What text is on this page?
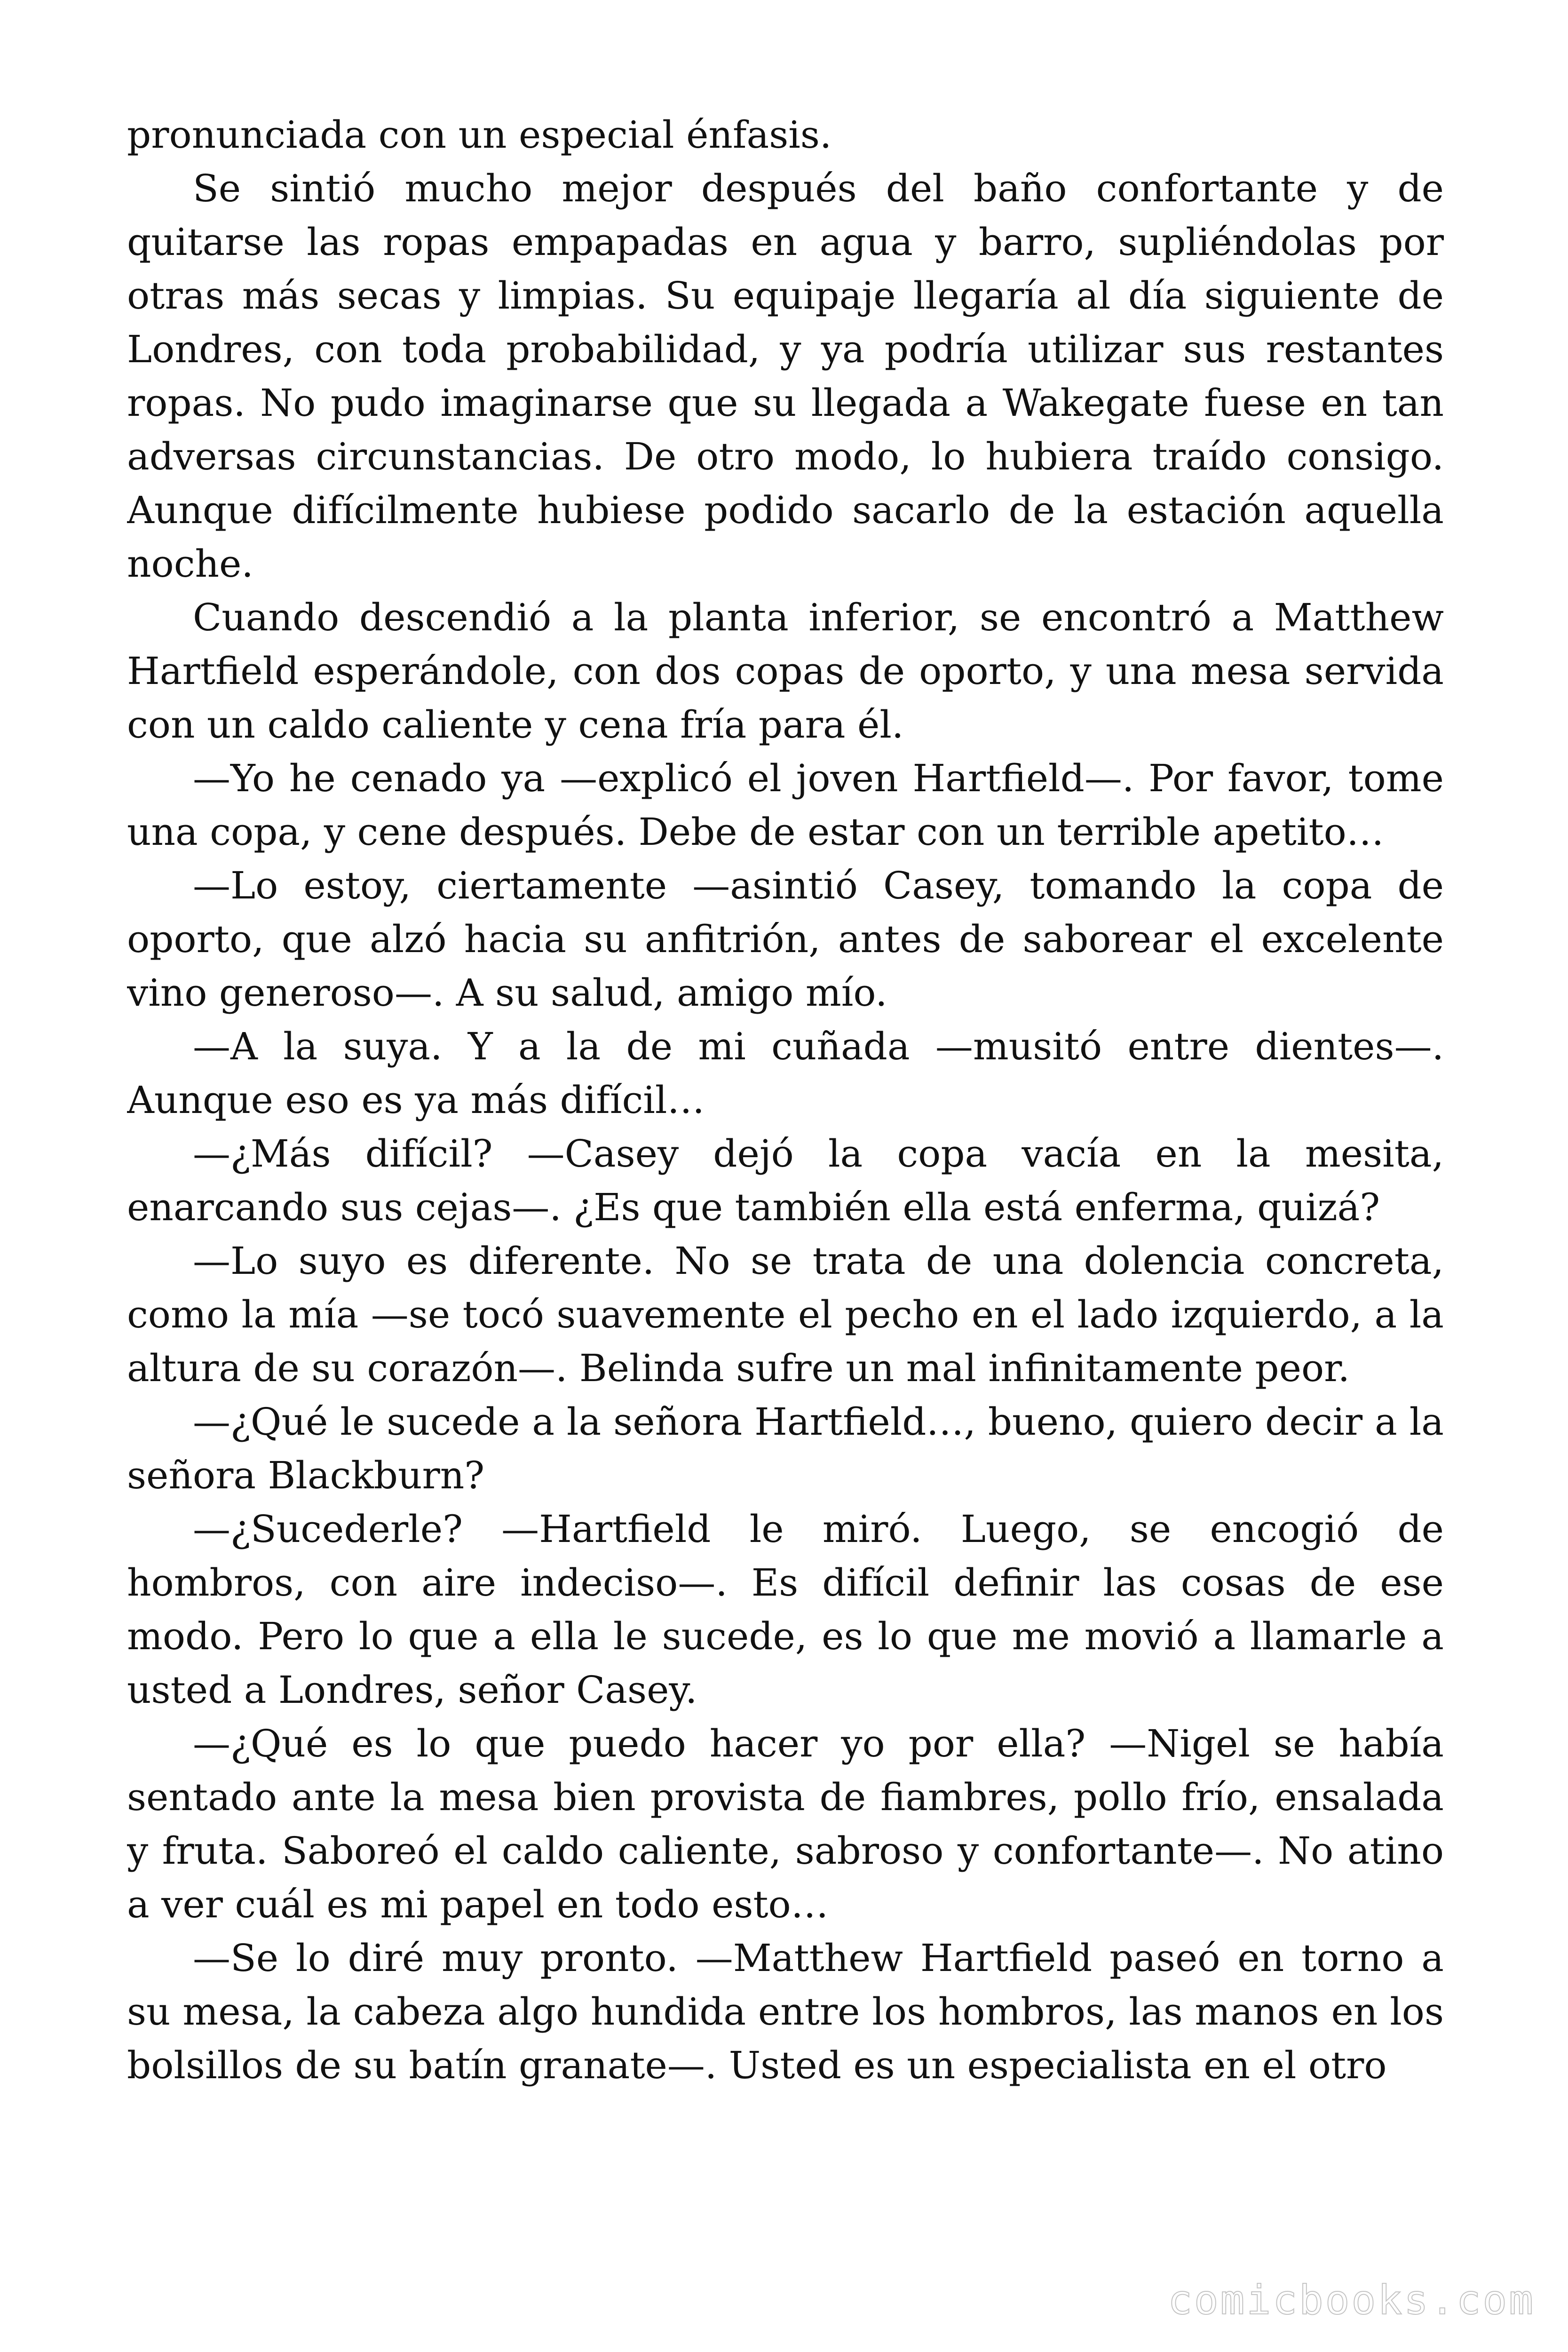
pronunciada con un especial énfasis.

Se sintió mucho mejor después del baño confortante y de quitarse las ropas empapadas en agua y barro, supliéndolas por otras más secas y limpias. Su equipaje llegaría al día siguiente de Londres, con toda probabilidad, y ya podría utilizar sus restantes ropas. No pudo imaginarse que su llegada a Wakegate fuese en tan adversas circunstancias. De otro modo, lo hubiera traído consigo. Aunque difícilmente hubiese podido sacarlo de la estación aquella noche.

Cuando descendió a la planta inferior, se encontró a Matthew Hartfield esperándole, con dos copas de oporto, y una mesa servida con un caldo caliente y cena fría para él.

—Yo he cenado ya —explicó el joven Hartfield—. Por favor, tome una copa, y cene después. Debe de estar con un terrible apetito…

—Lo estoy, ciertamente —asintió Casey, tomando la copa de oporto, que alzó hacia su anfitrión, antes de saborear el excelente vino generoso—. A su salud, amigo mío.

—A la suya. Y a la de mi cuñada —musitó entre dientes—. Aunque eso es ya más difícil…

—¿Más difícil? —Casey dejó la copa vacía en la mesita, enarcando sus cejas—. ¿Es que también ella está enferma, quizá?

—Lo suyo es diferente. No se trata de una dolencia concreta, como la mía —se tocó suavemente el pecho en el lado izquierdo, a la altura de su corazón—. Belinda sufre un mal infinitamente peor.

—¿Qué le sucede a la señora Hartfield…, bueno, quiero decir a la señora Blackburn?

—¿Sucederle? —Hartfield le miró. Luego, se encogió de hombros, con aire indeciso—. Es difícil definir las cosas de ese modo. Pero lo que a ella le sucede, es lo que me movió a llamarle a usted a Londres, señor Casey.

—¿Qué es lo que puedo hacer yo por ella? —Nigel se había sentado ante la mesa bien provista de fiambres, pollo frío, ensalada y fruta. Saboreó el caldo caliente, sabroso y confortante—. No atino a ver cuál es mi papel en todo esto…

—Se lo diré muy pronto. —Matthew Hartfield paseó en torno a su mesa, la cabeza algo hundida entre los hombros, las manos en los bolsillos de su batín granate—. Usted es un especialista en el otro

comicbooks.com
